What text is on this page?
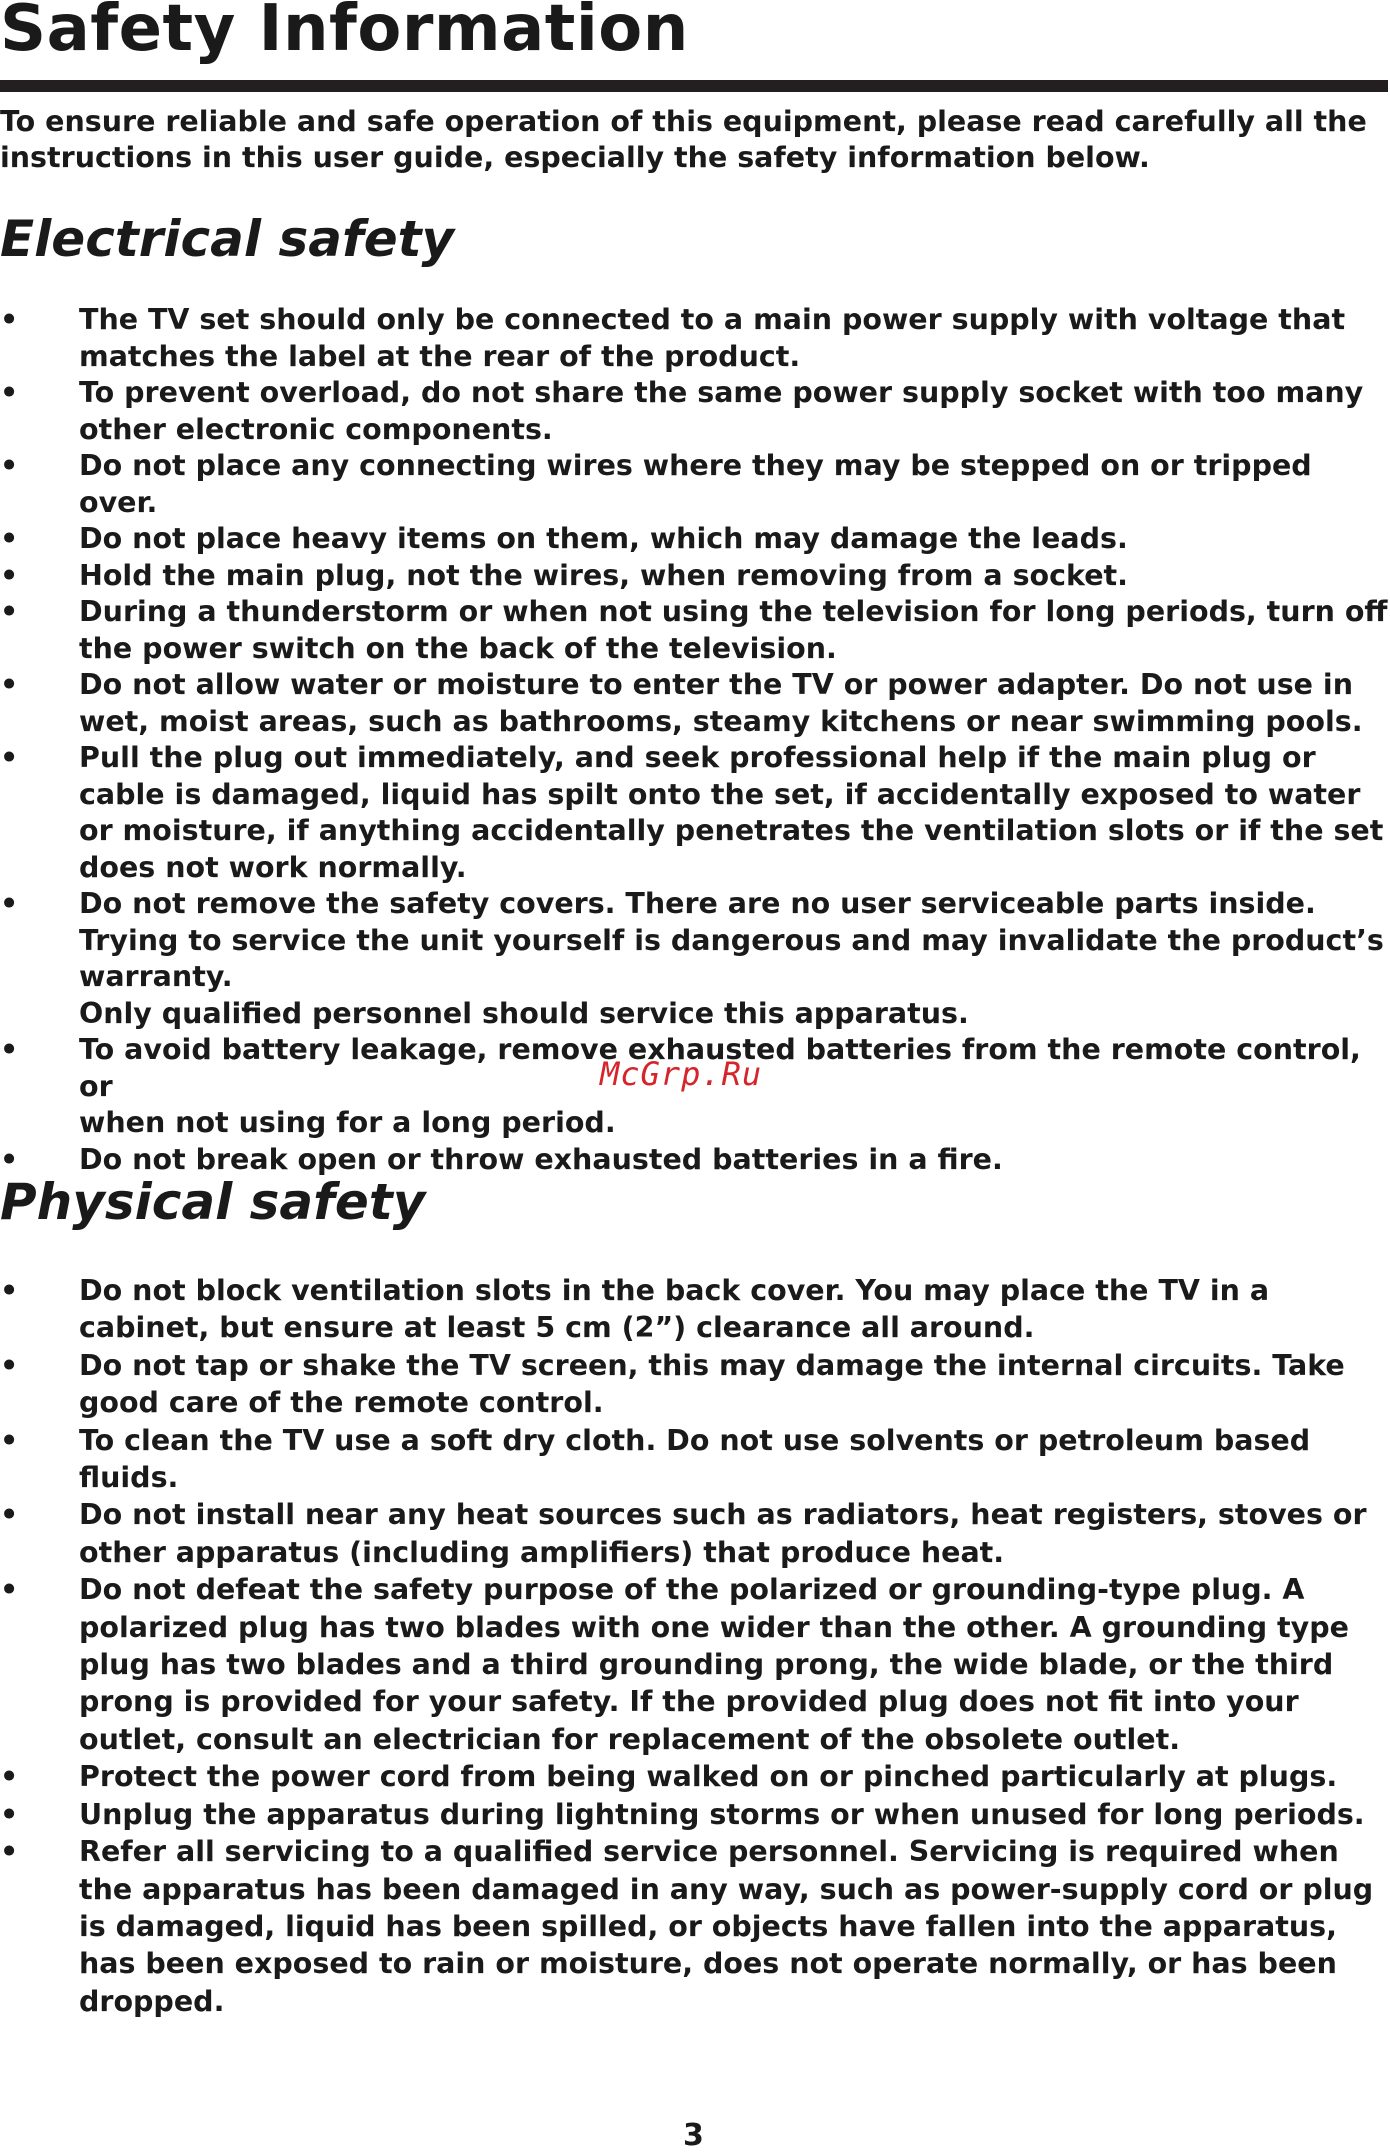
Safety Information

To ensure reliable and safe operation of this equipment, please read carefully all the instructions in this user guide, especially the safety information below.

Electrical safety
• The TV set should only be connected to a main power supply with voltage that
matches the label at the rear of the product.
• To prevent overload, do not share the same power supply socket with too many
other electronic components.
• Do not place any connecting wires where they may be stepped on or tripped
over.
• Do not place heavy items on them, which may damage the leads.
• Hold the main plug, not the wires, when removing from a socket.
• During a thunderstorm or when not using the television for long periods, turn off
the power switch on the back of the television.
• Do not allow water or moisture to enter the TV or power adapter. Do not use in
wet, moist areas, such as bathrooms, steamy kitchens or near swimming pools.
• Pull the plug out immediately, and seek professional help if the main plug or
cable is damaged, liquid has spilt onto the set, if accidentally exposed to water
or moisture, if anything accidentally penetrates the ventilation slots or if the set
does not work normally.
• Do not remove the safety covers. There are no user serviceable parts inside.
Trying to service the unit yourself is dangerous and may invalidate the product’s
warranty.
Only qualified personnel should service this apparatus.
• To avoid battery leakage, remove exhausted batteries from the remote control, or
when not using for a long period.
• Do not break open or throw exhausted batteries in a fire.
Physical safety
• Do not block ventilation slots in the back cover. You may place the TV in a
cabinet, but ensure at least 5 cm (2”) clearance all around.
• Do not tap or shake the TV screen, this may damage the internal circuits. Take
good care of the remote control.
• To clean the TV use a soft dry cloth. Do not use solvents or petroleum based
fluids.
• Do not install near any heat sources such as radiators, heat registers, stoves or
other apparatus (including amplifiers) that produce heat.
• Do not defeat the safety purpose of the polarized or grounding-type plug. A
polarized plug has two blades with one wider than the other. A grounding type
plug has two blades and a third grounding prong, the wide blade, or the third
prong is provided for your safety. If the provided plug does not fit into your
outlet, consult an electrician for replacement of the obsolete outlet.
• Protect the power cord from being walked on or pinched particularly at plugs.
• Unplug the apparatus during lightning storms or when unused for long periods.
• Refer all servicing to a qualified service personnel. Servicing is required when
the apparatus has been damaged in any way, such as power-supply cord or plug
is damaged, liquid has been spilled, or objects have fallen into the apparatus,
has been exposed to rain or moisture, does not operate normally, or has been
dropped.
McGrp.Ru
3
